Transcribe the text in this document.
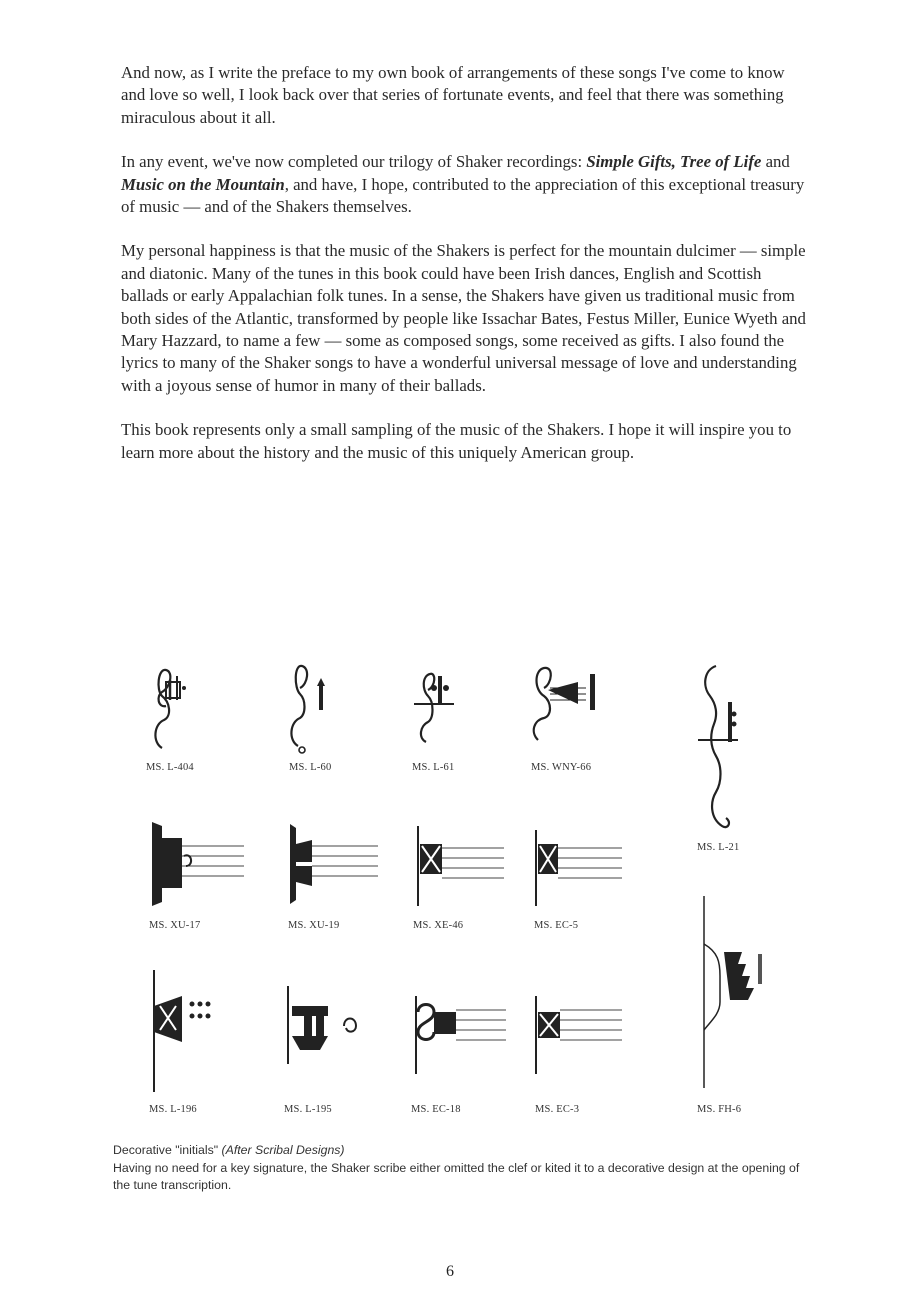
And now, as I write the preface to my own book of arrangements of these songs I've come to know and love so well, I look back over that series of fortunate events, and feel that there was something miraculous about it all.

In any event, we've now completed our trilogy of Shaker recordings: Simple Gifts, Tree of Life and Music on the Mountain, and have, I hope, contributed to the appreciation of this exceptional treasury of music — and of the Shakers themselves.

My personal happiness is that the music of the Shakers is perfect for the mountain dulcimer — simple and diatonic. Many of the tunes in this book could have been Irish dances, English and Scottish ballads or early Appalachian folk tunes. In a sense, the Shakers have given us traditional music from both sides of the Atlantic, transformed by people like Issachar Bates, Festus Miller, Eunice Wyeth and Mary Hazzard, to name a few — some as composed songs, some received as gifts. I also found the lyrics to many of the Shaker songs to have a wonderful universal message of love and understanding with a joyous sense of humor in many of their ballads.

This book represents only a small sampling of the music of the Shakers. I hope it will inspire you to learn more about the history and the music of this uniquely American group.

MS. L-404	MS. L-60	MS. L-61	MS. WNY-66
MS. L-21
MS. XU-17	MS. XU-19	MS. XE-46	MS. EC-5
MS. L-196	MS. L-195	MS. EC-18	MS. EC-3	MS. FH-6
Decorative "initials" (After Scribal Designs)
Having no need for a key signature, the Shaker scribe either omitted the clef or kited it to a decorative design at the opening of the tune transcription.
6
